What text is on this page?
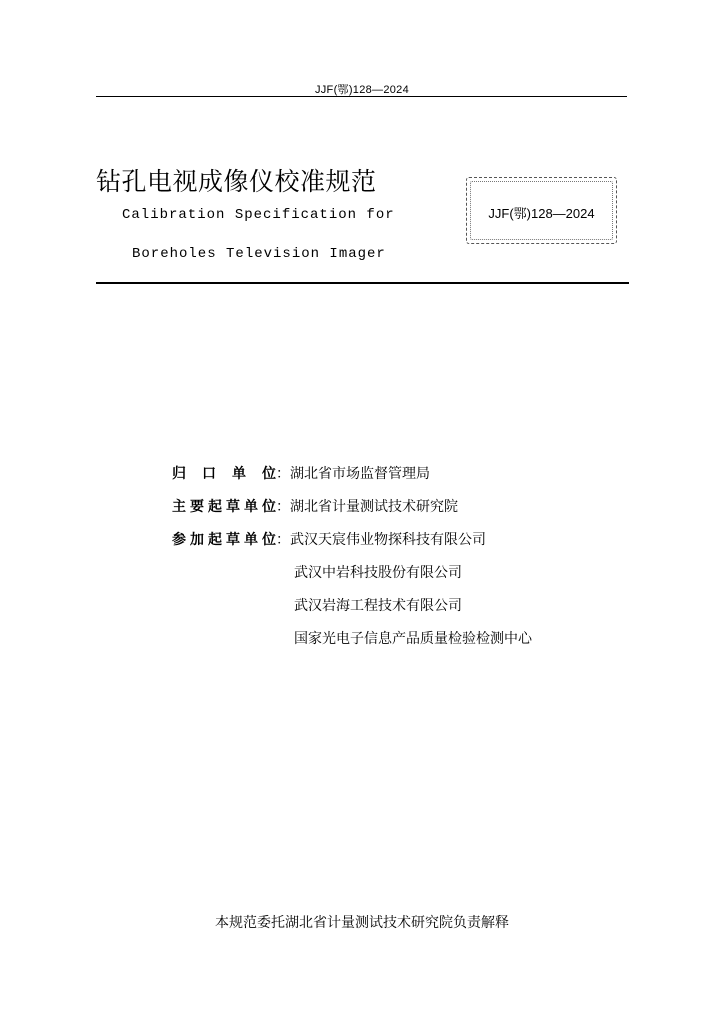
JJF(鄂)128—2024
钻孔电视成像仪校准规范
Calibration Specification for
Boreholes Television Imager
JJF(鄂)128—2024
归 口 单 位：湖北省市场监督管理局
主要起草单位：湖北省计量测试技术研究院
参加起草单位：武汉天宸伟业物探科技有限公司
武汉中岩科技股份有限公司
武汉岩海工程技术有限公司
国家光电子信息产品质量检验检测中心
本规范委托湖北省计量测试技术研究院负责解释
